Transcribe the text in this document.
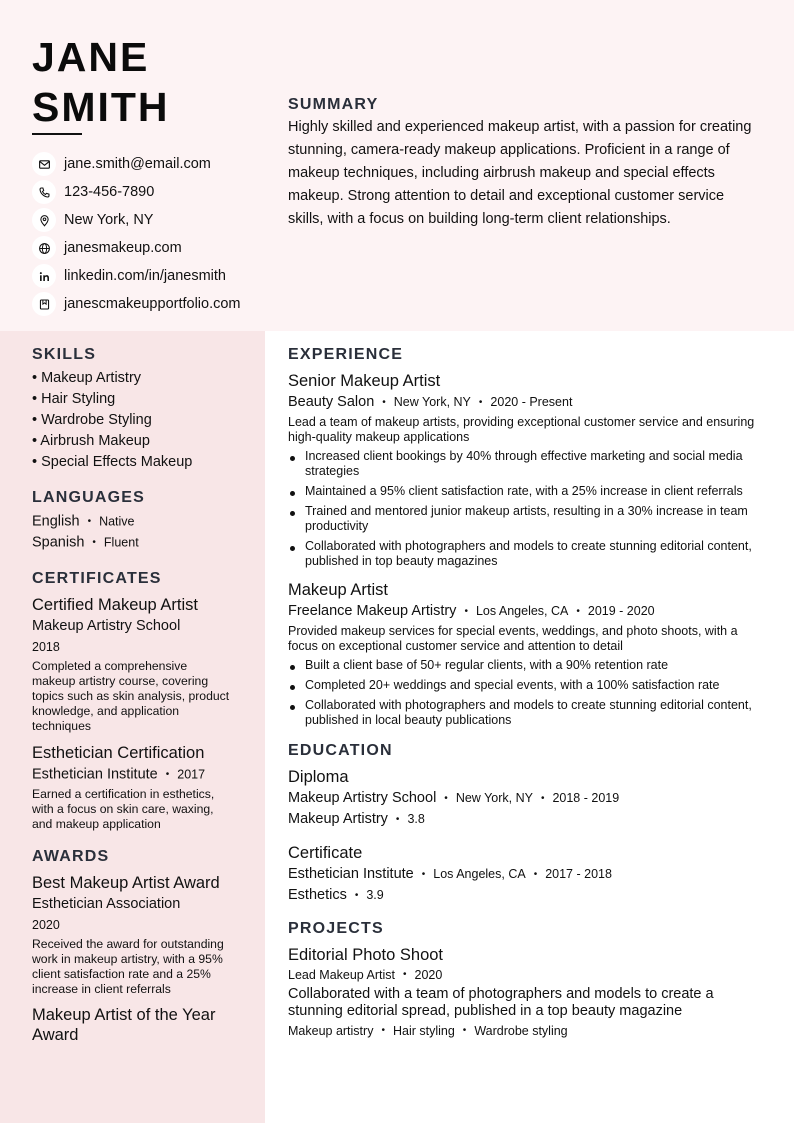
JANE
SMITH
jane.smith@email.com
123-456-7890
New York, NY
janesmakeup.com
linkedin.com/in/janesmith
janescmakeupportfolio.com
SUMMARY

Highly skilled and experienced makeup artist, with a passion for creating stunning, camera-ready makeup applications. Proficient in a range of makeup techniques, including airbrush makeup and special effects makeup. Strong attention to detail and exceptional customer service skills, with a focus on building long-term client relationships.

SKILLS
• Makeup Artistry
• Hair Styling
• Wardrobe Styling
• Airbrush Makeup
• Special Effects Makeup
LANGUAGES
English • Native
Spanish • Fluent
CERTIFICATES
Certified Makeup Artist
Makeup Artistry School
2018
Completed a comprehensive makeup artistry course, covering topics such as skin analysis, product knowledge, and application techniques
Esthetician Certification
Esthetician Institute • 2017
Earned a certification in esthetics, with a focus on skin care, waxing, and makeup application
AWARDS
Best Makeup Artist Award
Esthetician Association
2020
Received the award for outstanding work in makeup artistry, with a 95% client satisfaction rate and a 25% increase in client referrals
Makeup Artist of the Year Award
EXPERIENCE
Senior Makeup Artist
Beauty Salon • New York, NY • 2020 - Present
Lead a team of makeup artists, providing exceptional customer service and ensuring high-quality makeup applications
Increased client bookings by 40% through effective marketing and social media strategies
Maintained a 95% client satisfaction rate, with a 25% increase in client referrals
Trained and mentored junior makeup artists, resulting in a 30% increase in team productivity
Collaborated with photographers and models to create stunning editorial content, published in top beauty magazines
Makeup Artist
Freelance Makeup Artistry • Los Angeles, CA • 2019 - 2020
Provided makeup services for special events, weddings, and photo shoots, with a focus on exceptional customer service and attention to detail
Built a client base of 50+ regular clients, with a 90% retention rate
Completed 20+ weddings and special events, with a 100% satisfaction rate
Collaborated with photographers and models to create stunning editorial content, published in local beauty publications
EDUCATION
Diploma
Makeup Artistry School • New York, NY • 2018 - 2019
Makeup Artistry • 3.8
Certificate
Esthetician Institute • Los Angeles, CA • 2017 - 2018
Esthetics • 3.9
PROJECTS
Editorial Photo Shoot
Lead Makeup Artist • 2020
Collaborated with a team of photographers and models to create a stunning editorial spread, published in a top beauty magazine
Makeup artistry • Hair styling • Wardrobe styling
